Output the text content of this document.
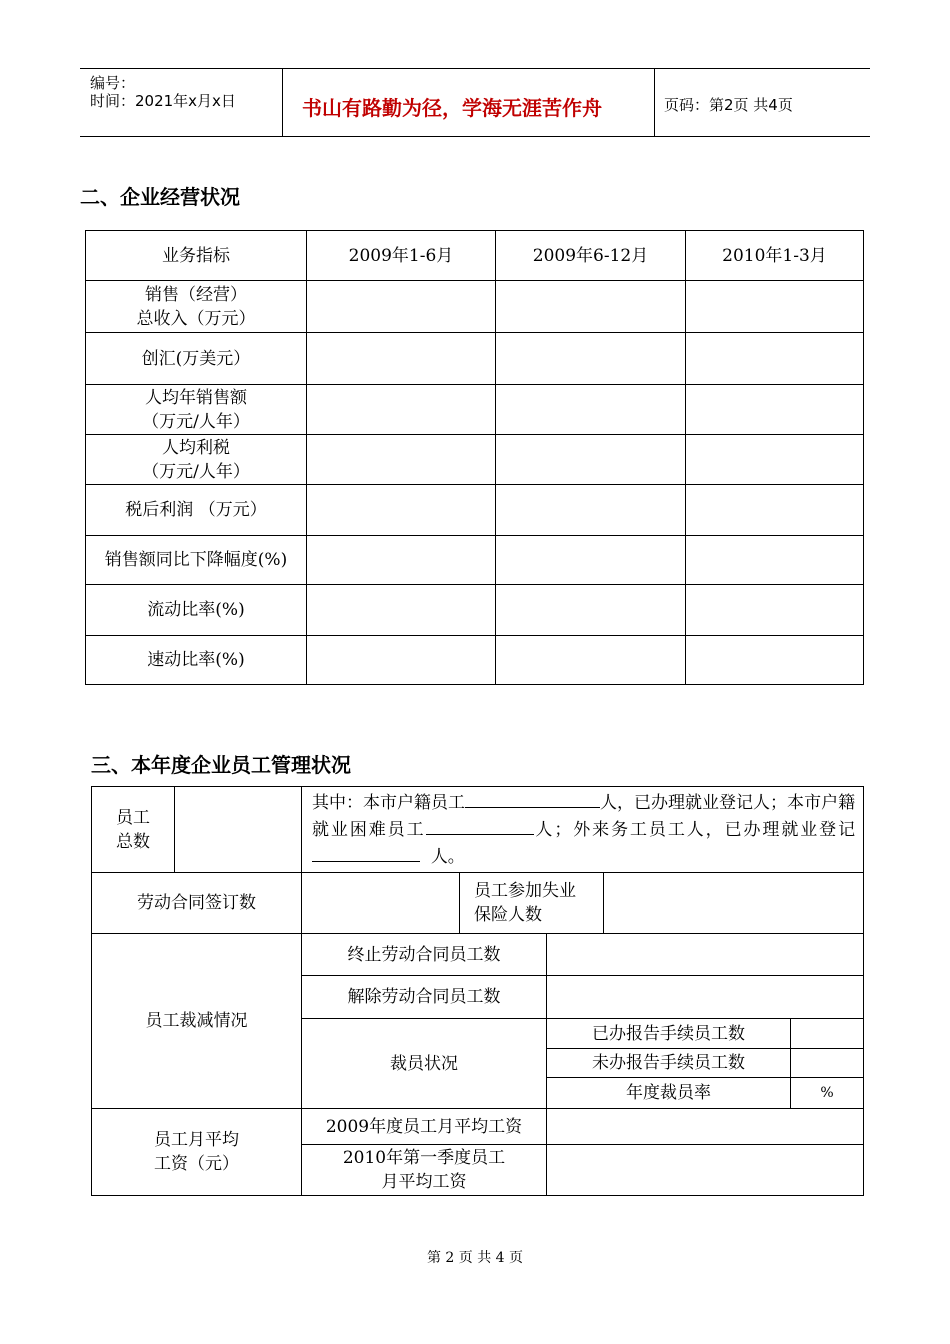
编号：
时间：2021年x月x日	书山有路勤为径，学海无涯苦作舟	页码：第2页 共4页
二、企业经营状况
业务指标	2009年1-6月	2009年6-12月	2010年1-3月

销售（经营）
总收入（万元）			

创汇(万美元）			

人均年销售额
（万元/人年）			

人均利税
（万元/人年）			

税后利润 （万元）			

销售额同比下降幅度(%)			

流动比率(%)			

速动比率(%)			

三、本年度企业员工管理状况
员工
总数		其中：本市户籍员工 人，已办理就业登记人；本市户籍就业困难员工 人；外来务工员工人，已办理就业登记  人。				
劳动合同签订数			员工参加失业
保险人数			

员工裁减情况		终止劳动合同员工数				
		解除劳动合同员工数				
		裁员状况		已办报告手续员工数		
				未办报告手续员工数		
				年度裁员率		%

员工月平均
工资（元）		2009年度员工月平均工资				

		2010年第一季度员工
月平均工资				

第 2 页 共 4 页
